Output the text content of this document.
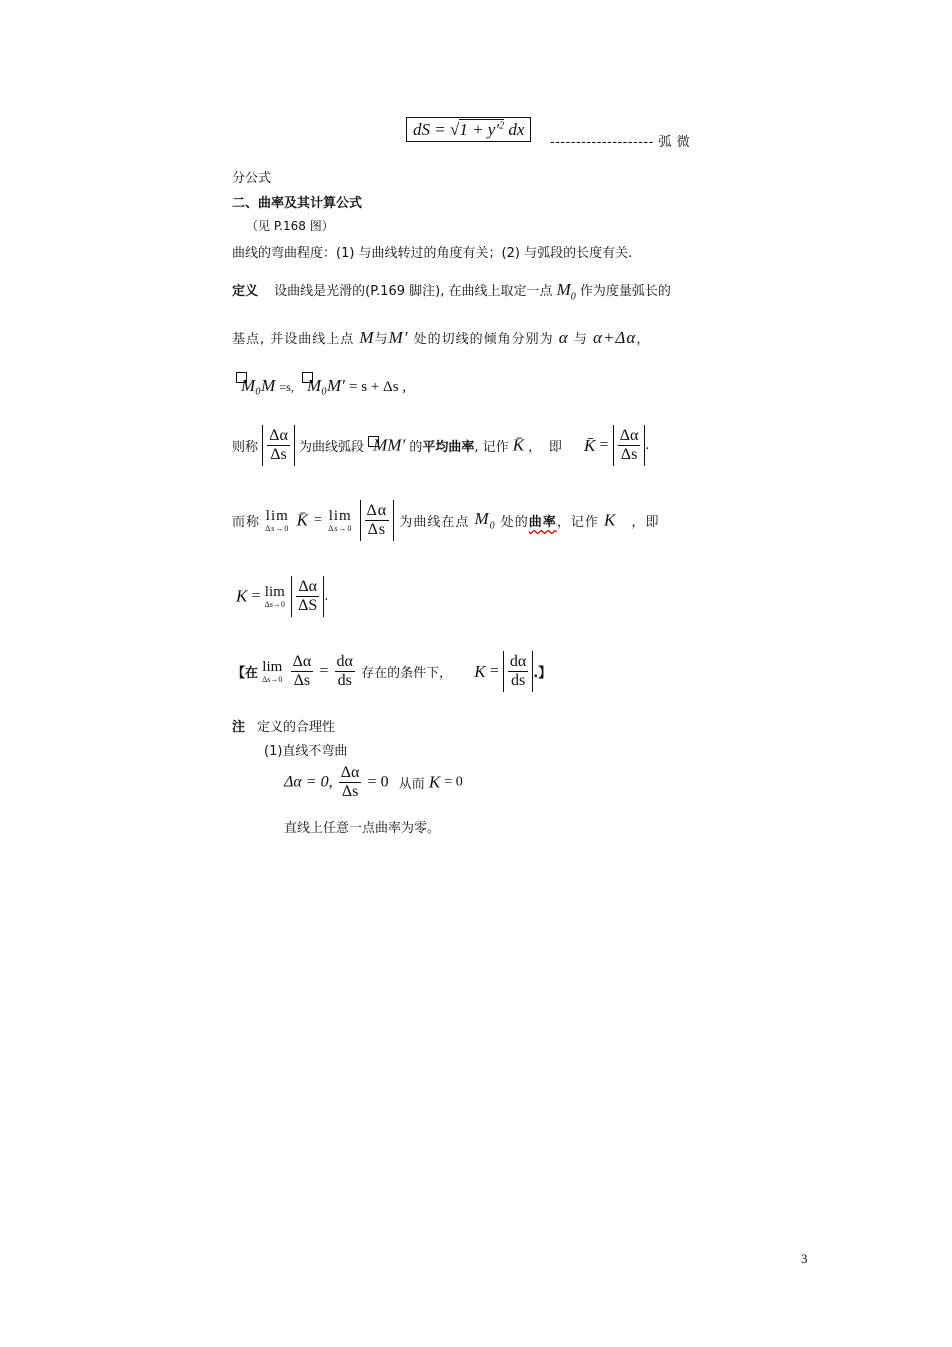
dS = $√1 + y'^2$ dx
-------------------- 弧 微
分公式
二、曲率及其计算公式
（见 P.168 图）
曲线的弯曲程度：(1) 与曲线转过的角度有关；(2) 与弧段的长度有关.
定义 设曲线是光滑的(P.169 脚注), 在曲线上取定一点 $M_0$ 作为度量弧长的
基点, 并设曲线上点 M与M′ 处的切线的倾角分别为 α 与 α+Δα，
M₀M =s, M₀M′ = s + Δs ,
则称 $\frac{\Delta\alpha}{\Delta s}$ 为曲线弧段 MM′ 的平均曲率, 记作 K̄ ,    即 K̄ = $\frac{\Delta\alpha}{\Delta s}$ .
而称 lim
Δs→0 K̄ = lim
Δs→0
$\frac{\Delta\alpha}{\Delta s}$ 为曲线在点 $M_0$ 处的曲率，记作 K ，即
K = lim
Δs→0
$\frac{\Delta\alpha}{\Delta S}$ .
【在 lim
Δs→0
$\frac{\Delta\alpha}{\Delta s} = \frac{d\alpha}{ds}$ 存在的条件下， $K = \frac{d\alpha}{ds}$ .】
注 定义的合理性
(1)直线不弯曲
Δα = 0, $\frac{\Delta\alpha}{\Delta s} = 0$ 从而 K = 0
直线上任意一点曲率为零。
3
